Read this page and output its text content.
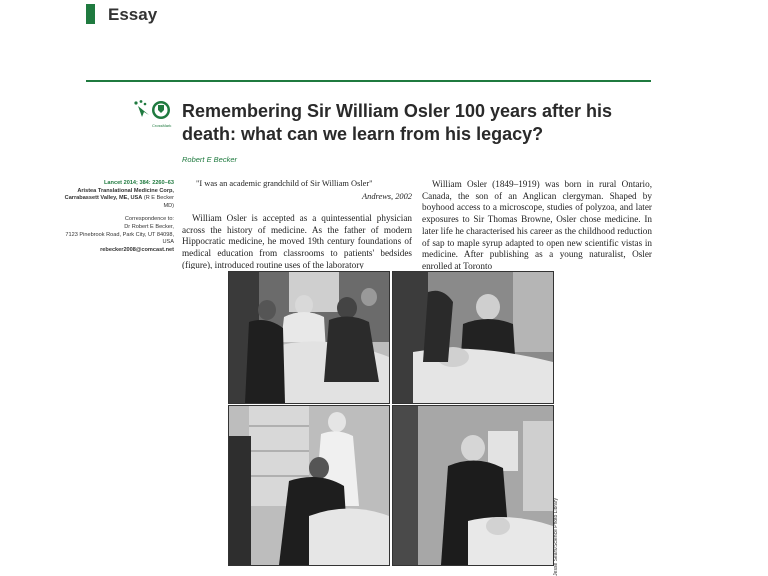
Essay
CrossMark
Remembering Sir William Osler 100 years after his death: what can we learn from his legacy?
Robert E Becker
Lancet 2014; 384: 2260–63
Aristea Translational Medicine Corp, Carrabassett Valley, ME, USA (R E Becker MD)
Correspondence to:
Dr Robert E Becker,
7123 Pinebrook Road, Park City, UT 84098, USA
rebecker2008@comcast.net
"I was an academic grandchild of Sir William Osler"
Andrews, 2002

William Osler is accepted as a quintessential physician across the history of medicine. As the father of modern Hippocratic medicine, he moved 19th century foundations of medical education from classrooms to patients' bedsides (figure), introduced routine uses of the laboratory

William Osler (1849–1919) was born in rural Ontario, Canada, the son of an Anglican clergyman. Shaped by boyhood access to a microscope, studies of polyzoa, and later exposures to Sir Thomas Browne, Osler chose medicine. In later life he characterised his career as the childhood reduction of sap to maple syrup adapted to open new scientific vistas in medicine. After publishing as a young naturalist, Osler enrolled at Toronto

Jesse Sears/Science Photo Library
